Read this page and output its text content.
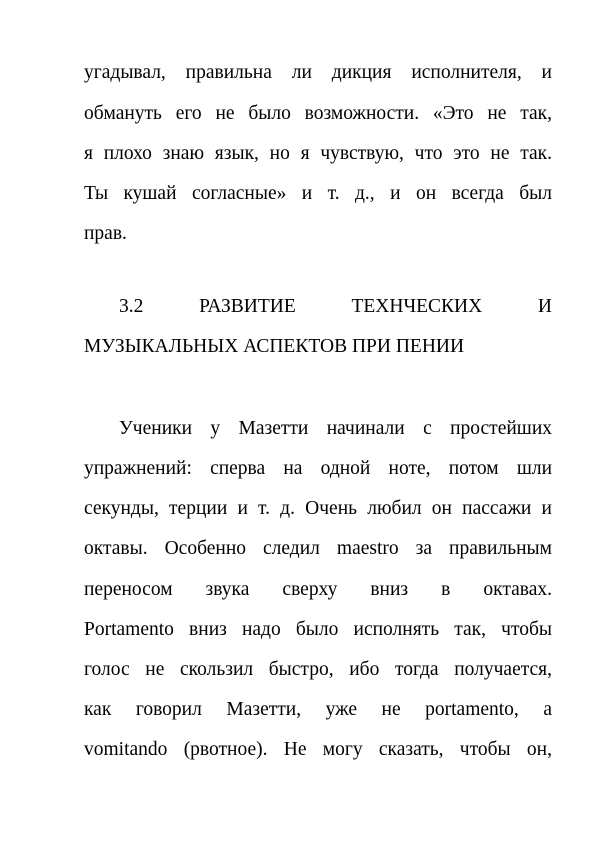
угадывал, правильна ли дикция исполнителя, и
обмануть его не было возможности. «Это не так,
я плохо знаю язык, но я чувствую, что это не так.
Ты кушай согласные» и т. д., и он всегда был
прав.
3.2 РАЗВИТИЕ ТЕХНЧЕСКИХ И
МУЗЫКАЛЬНЫХ АСПЕКТОВ ПРИ ПЕНИИ
Ученики у Мазетти начинали с простейших
упражнений: сперва на одной ноте, потом шли
секунды, терции и т. д. Очень любил он пассажи и
октавы. Особенно следил maestro за правильным
переносом звука сверху вниз в октавах.
Portamento вниз надо было исполнять так, чтобы
голос не скользил быстро, ибо тогда получается,
как говорил Мазетти, уже не portamento, а
vomitando (рвотное). Не могу сказать, чтобы он,
